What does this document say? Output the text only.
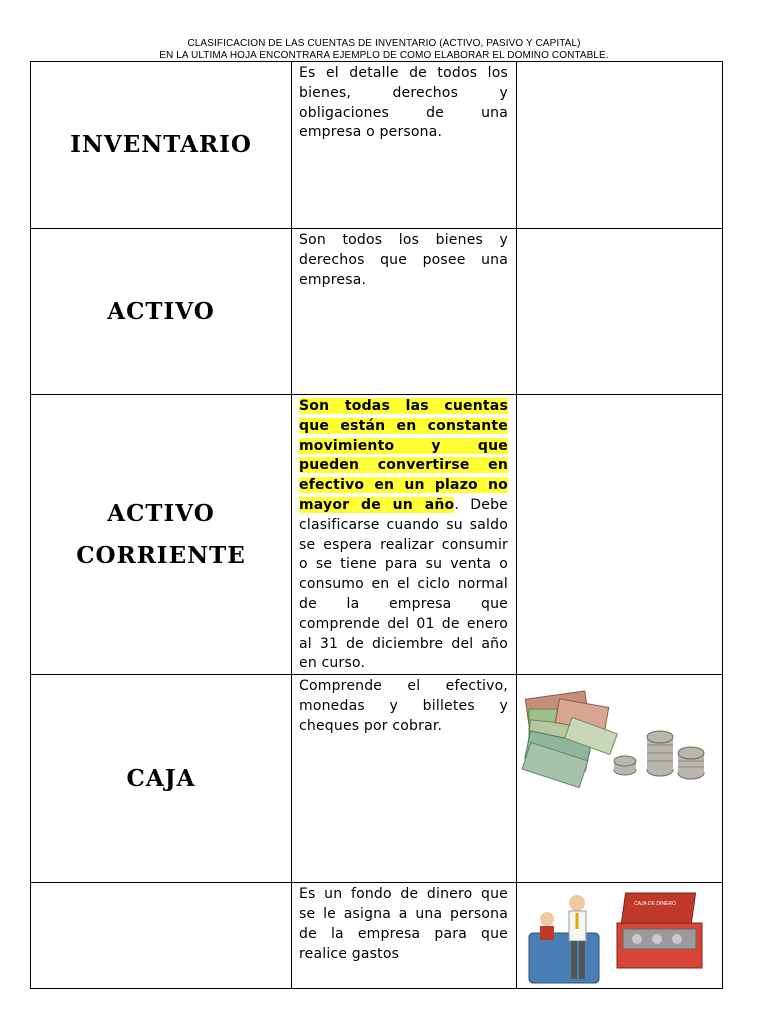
CLASIFICACION DE LAS CUENTAS DE INVENTARIO (ACTIVO, PASIVO Y CAPITAL)
EN LA ULTIMA HOJA ENCONTRARA EJEMPLO DE COMO ELABORAR EL DOMINO CONTABLE.
INVENTARIO	Es el detalle de todos los bienes, derechos y obligaciones de una empresa o persona.	

ACTIVO	Son todos los bienes y derechos que posee una empresa.	

ACTIVO
CORRIENTE	Son todas las cuentas que están en constante movimiento y que pueden convertirse en efectivo en un plazo no mayor de un año. Debe clasificarse cuando su saldo se espera realizar consumir o se tiene para su venta o consumo en el ciclo normal de la empresa que comprende del 01 de enero al 31 de diciembre del año en curso.	

CAJA	Comprende el efectivo, monedas y billetes y cheques por cobrar.

	Es un fondo de dinero que se le asigna a una persona de la empresa para que realice gastos	CAJA DE DINERO
